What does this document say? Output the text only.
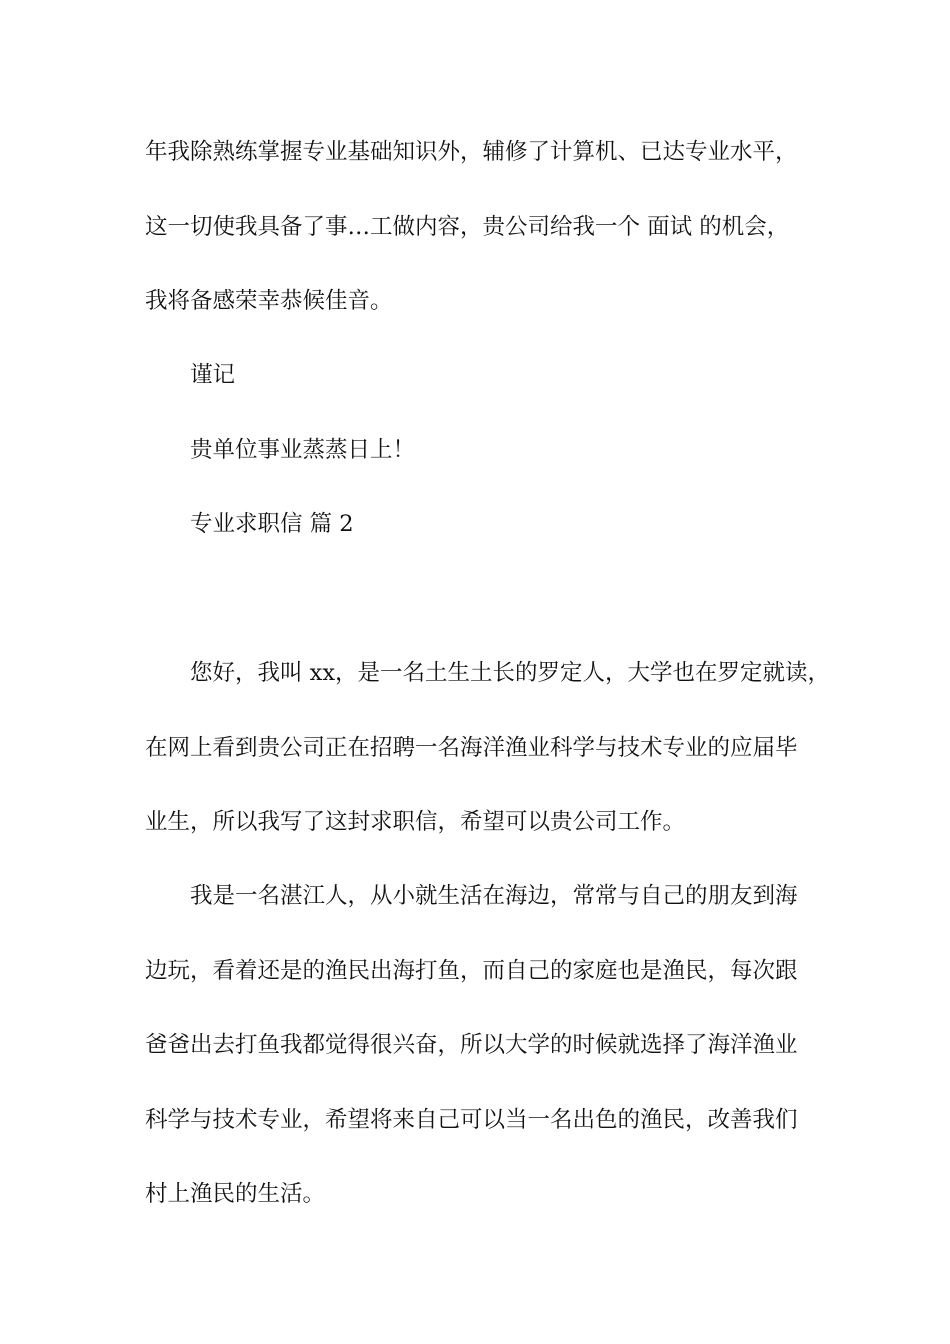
年我除熟练掌握专业基础知识外，辅修了计算机、已达专业水平，
这一切使我具备了事…工做内容，贵公司给我一个 面试 的机会，
我将备感荣幸恭候佳音。
谨记
贵单位事业蒸蒸日上！
专业求职信 篇 2
您好，我叫 xx，是一名土生土长的罗定人，大学也在罗定就读，
在网上看到贵公司正在招聘一名海洋渔业科学与技术专业的应届毕
业生，所以我写了这封求职信，希望可以贵公司工作。
我是一名湛江人，从小就生活在海边，常常与自己的朋友到海
边玩，看着还是的渔民出海打鱼，而自己的家庭也是渔民，每次跟
爸爸出去打鱼我都觉得很兴奋，所以大学的时候就选择了海洋渔业
科学与技术专业，希望将来自己可以当一名出色的渔民，改善我们
村上渔民的生活。
